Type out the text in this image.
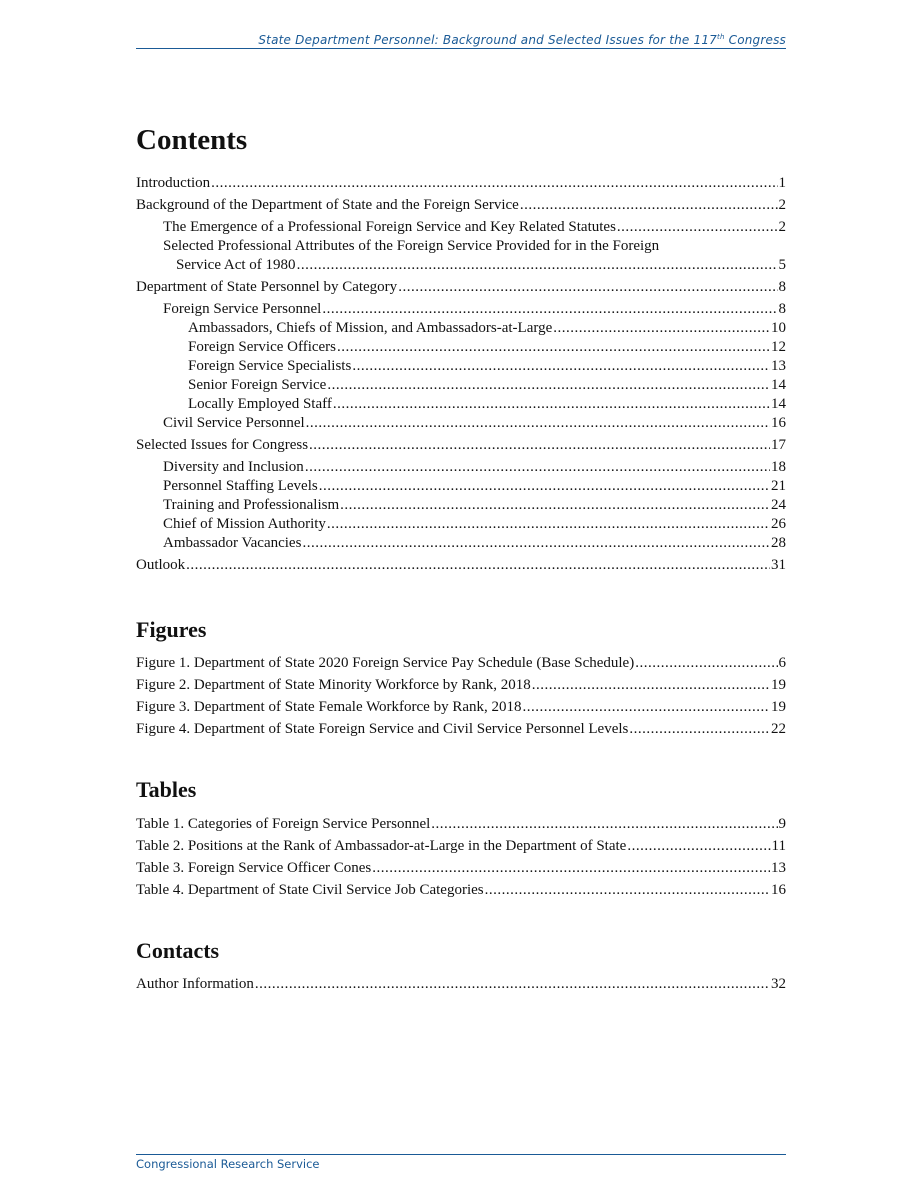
State Department Personnel: Background and Selected Issues for the 117th Congress
Contents
Introduction .....	1
Background of the Department of State and the Foreign Service .....	2
The Emergence of a Professional Foreign Service and Key Related Statutes .....	2
Selected Professional Attributes of the Foreign Service Provided for in the Foreign
Service Act of 1980 .....	5
Department of State Personnel by Category .....	8
Foreign Service Personnel .....	8
Ambassadors, Chiefs of Mission, and Ambassadors-at-Large .....	10
Foreign Service Officers .....	12
Foreign Service Specialists .....	13
Senior Foreign Service .....	14
Locally Employed Staff .....	14
Civil Service Personnel .....	16
Selected Issues for Congress .....	17
Diversity and Inclusion .....	18
Personnel Staffing Levels .....	21
Training and Professionalism .....	24
Chief of Mission Authority .....	26
Ambassador Vacancies .....	28
Outlook .....	31
Figures
Figure 1. Department of State 2020 Foreign Service Pay Schedule (Base Schedule) .....	6
Figure 2. Department of State Minority Workforce by Rank, 2018 .....	19
Figure 3. Department of State Female Workforce by Rank, 2018 .....	19
Figure 4. Department of State Foreign Service and Civil Service Personnel Levels .....	22
Tables
Table 1. Categories of Foreign Service Personnel .....	9
Table 2. Positions at the Rank of Ambassador-at-Large in the Department of State .....	11
Table 3. Foreign Service Officer Cones .....	13
Table 4. Department of State Civil Service Job Categories .....	16
Contacts
Author Information .....	32
Congressional Research Service
